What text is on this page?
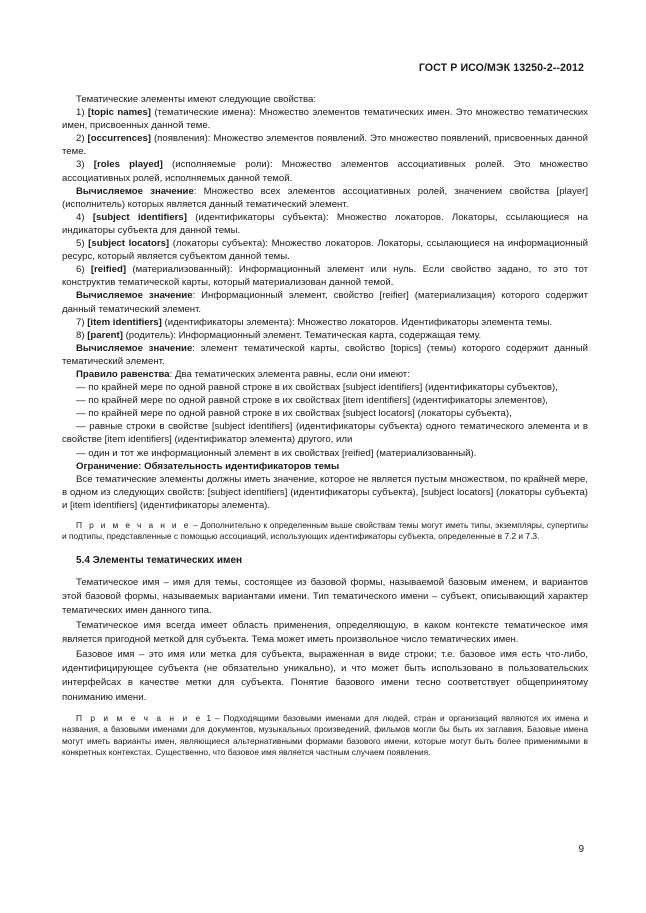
ГОСТ Р ИСО/МЭК 13250-2--2012

Тематические элементы имеют следующие свойства:

1) [topic names] (тематические имена): Множество элементов тематических имен. Это множество тематических имен, присвоенных данной теме.

2) [occurrences] (появления): Множество элементов появлений. Это множество появлений, присвоенных данной теме.

3) [roles played] (исполняемые роли): Множество элементов ассоциативных ролей. Это множество ассоциативных ролей, исполняемых данной темой.

Вычисляемое значение: Множество всех элементов ассоциативных ролей, значением свойства [player] (исполнитель) которых является данный тематический элемент.

4) [subject identifiers] (идентификаторы субъекта): Множество локаторов. Локаторы, ссылающиеся на индикаторы субъекта для данной темы.

5) [subject locators] (локаторы субъекта): Множество локаторов. Локаторы, ссылающиеся на информационный ресурс, который является субъектом данной темы.

6) [reified] (материализованный): Информационный элемент или нуль. Если свойство задано, то это тот конструктив тематической карты, который материализован данной темой.

Вычисляемое значение: Информационный элемент, свойство [reifier] (материализация) которого содержит данный тематический элемент.

7) [item identifiers] (идентификаторы элемента): Множество локаторов. Идентификаторы элемента темы.

8) [parent] (родитель): Информационный элемент. Тематическая карта, содержащая тему.

Вычисляемое значение: элемент тематической карты, свойство [topics] (темы) которого содержит данный тематический элемент.

Правило равенства: Два тематических элемента равны, если они имеют:

— по крайней мере по одной равной строке в их свойствах [subject identifiers] (идентификаторы субъектов),

— по крайней мере по одной равной строке в их свойствах [item identifiers] (идентификаторы элементов),

— по крайней мере по одной равной строке в их свойствах [subject locators] (локаторы субъекта),

— равные строки в свойстве [subject identifiers] (идентификаторы субъекта) одного тематического элемента и в свойстве [item identifiers] (идентификатор элемента) другого, или

— один и тот же информационный элемент в их свойствах [reified] (материализованный).

Ограничение: Обязательность идентификаторов темы

Все тематические элементы должны иметь значение, которое не является пустым множеством, по крайней мере, в одном из следующих свойств: [subject identifiers] (идентификаторы субъекта), [subject locators] (локаторы субъекта) и [item identifiers] (идентификаторы элемента).

П р и м е ч а н и е – Дополнительно к определенным выше свойствам темы могут иметь типы, экземпляры, супертипы и подтипы, представленные с помощью ассоциаций, использующих идентификаторы субъекта, определенные в 7.2 и 7.3.

5.4 Элементы тематических имен

Тематическое имя – имя для темы, состоящее из базовой формы, называемой базовым именем, и вариантов этой базовой формы, называемых вариантами имени. Тип тематического имени – субъект, описывающий характер тематических имен данного типа.

Тематическое имя всегда имеет область применения, определяющую, в каком контексте тематическое имя является пригодной меткой для субъекта. Тема может иметь произвольное число тематических имен.

Базовое имя – это имя или метка для субъекта, выраженная в виде строки; т.е. базовое имя есть что-либо, идентифицирующее субъекта (не обязательно уникально), и что может быть использовано в пользовательских интерфейсах в качестве метки для субъекта. Понятие базового имени тесно соответствует общепринятому пониманию имени.

П р и м е ч а н и е 1 – Подходящими базовыми именами для людей, стран и организаций являются их имена и названия, а базовыми именами для документов, музыкальных произведений, фильмов могли бы быть их заглавия. Базовые имена могут иметь варианты имен, являющиеся альтернативными формами базового имени, которые могут быть более применимыми в конкретных контекстах. Существенно, что базовое имя является частным случаем появления.

9
